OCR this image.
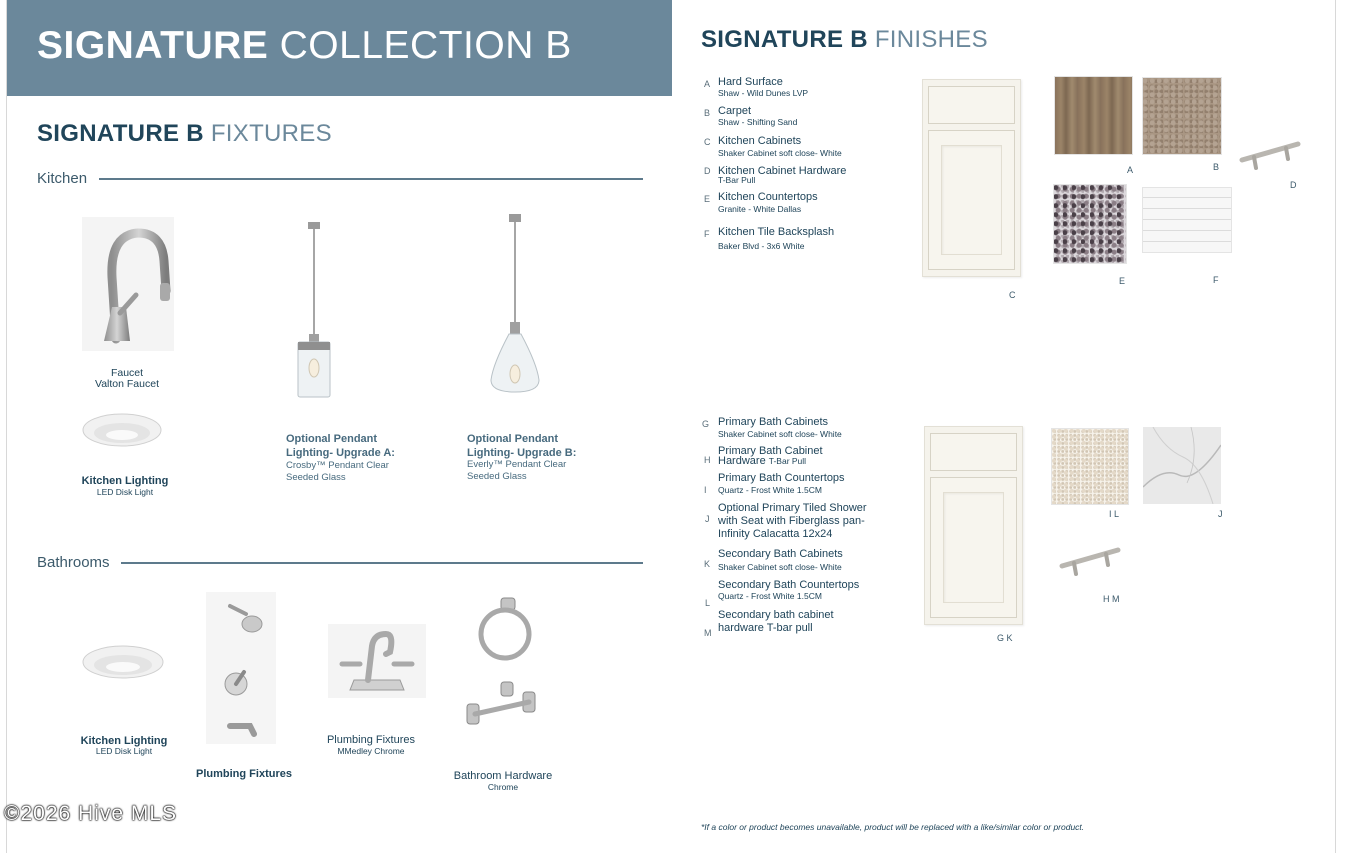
SIGNATURE COLLECTION B
SIGNATURE B FIXTURES
Kitchen
Faucet
Valton Faucet
Kitchen Lighting
LED Disk Light
Optional Pendant
Lighting- Upgrade A:
Crosby™ Pendant Clear
Seeded Glass
Optional Pendant
Lighting- Upgrade B:
Everly™ Pendant Clear
Seeded Glass
Bathrooms
Kitchen Lighting
LED Disk Light
Plumbing Fixtures
Plumbing Fixtures
MMedley Chrome
Bathroom Hardware
Chrome
SIGNATURE B FINISHES
A Hard Surface
Shaw - Wild Dunes LVP
B Carpet
Shaw - Shifting Sand
C Kitchen Cabinets
Shaker Cabinet soft close- White
D Kitchen Cabinet Hardware
T-Bar Pull
E Kitchen Countertops
Granite - White Dallas
F Kitchen Tile Backsplash
Baker Blvd - 3x6 White
C
A	B
D
E	F
G Primary Bath Cabinets
Shaker Cabinet soft close- White
H
Primary Bath Cabinet
Hardware T-Bar Pull
I
Primary Bath Countertops
Quartz - Frost White 1.5CM
J
Optional Primary Tiled Shower
with Seat with Fiberglass pan-
Infinity Calacatta 12x24
K
Secondary Bath Cabinets
Shaker Cabinet soft close- White
L
Secondary Bath Countertops
Quartz - Frost White 1.5CM
M
Secondary bath cabinet
hardware T-bar pull
G K
I L	J
H M
*If a color or product becomes unavailable, product will be replaced with a like/similar color or product.
©2026 Hive MLS
